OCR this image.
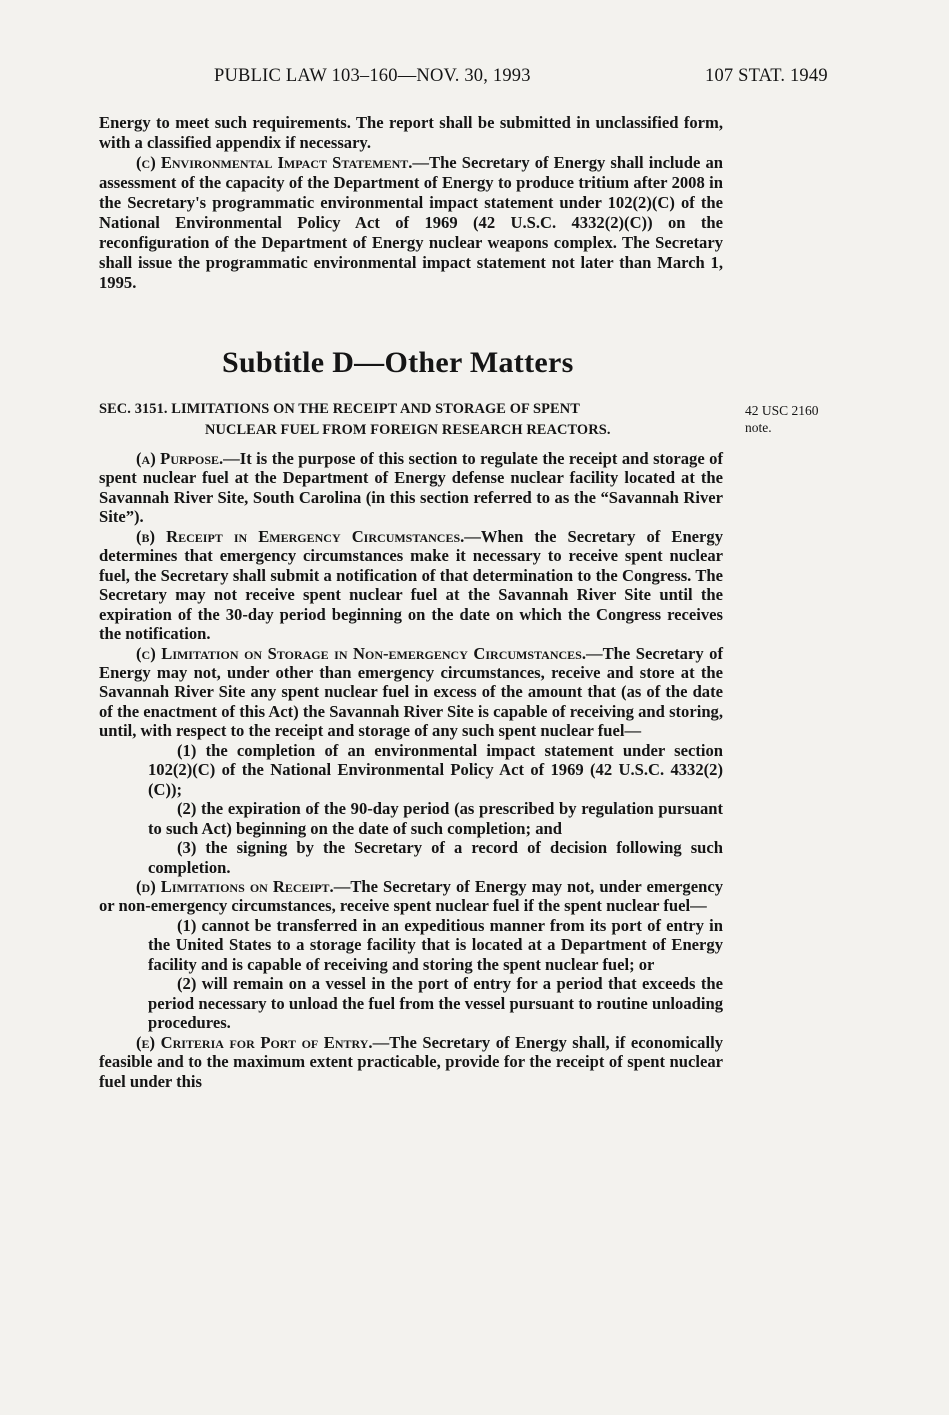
PUBLIC LAW 103–160—NOV. 30, 1993	107 STAT. 1949

Energy to meet such requirements. The report shall be submitted in unclassified form, with a classified appendix if necessary.

(c) Environmental Impact Statement.—The Secretary of Energy shall include an assessment of the capacity of the Department of Energy to produce tritium after 2008 in the Secretary's programmatic environmental impact statement under 102(2)(C) of the National Environmental Policy Act of 1969 (42 U.S.C. 4332(2)(C)) on the reconfiguration of the Department of Energy nuclear weapons complex. The Secretary shall issue the programmatic environmental impact statement not later than March 1, 1995.

Subtitle D—Other Matters
SEC. 3151. LIMITATIONS ON THE RECEIPT AND STORAGE OF SPENT
NUCLEAR FUEL FROM FOREIGN RESEARCH REACTORS.
42 USC 2160
note.

(a) Purpose.—It is the purpose of this section to regulate the receipt and storage of spent nuclear fuel at the Department of Energy defense nuclear facility located at the Savannah River Site, South Carolina (in this section referred to as the “Savannah River Site”).

(b) Receipt in Emergency Circumstances.—When the Secretary of Energy determines that emergency circumstances make it necessary to receive spent nuclear fuel, the Secretary shall submit a notification of that determination to the Congress. The Secretary may not receive spent nuclear fuel at the Savannah River Site until the expiration of the 30-day period beginning on the date on which the Congress receives the notification.

(c) Limitation on Storage in Non-emergency Circumstances.—The Secretary of Energy may not, under other than emergency circumstances, receive and store at the Savannah River Site any spent nuclear fuel in excess of the amount that (as of the date of the enactment of this Act) the Savannah River Site is capable of receiving and storing, until, with respect to the receipt and storage of any such spent nuclear fuel—

(1) the completion of an environmental impact statement under section 102(2)(C) of the National Environmental Policy Act of 1969 (42 U.S.C. 4332(2)(C));

(2) the expiration of the 90-day period (as prescribed by regulation pursuant to such Act) beginning on the date of such completion; and

(3) the signing by the Secretary of a record of decision following such completion.

(d) Limitations on Receipt.—The Secretary of Energy may not, under emergency or non-emergency circumstances, receive spent nuclear fuel if the spent nuclear fuel—

(1) cannot be transferred in an expeditious manner from its port of entry in the United States to a storage facility that is located at a Department of Energy facility and is capable of receiving and storing the spent nuclear fuel; or

(2) will remain on a vessel in the port of entry for a period that exceeds the period necessary to unload the fuel from the vessel pursuant to routine unloading procedures.

(e) Criteria for Port of Entry.—The Secretary of Energy shall, if economically feasible and to the maximum extent practicable, provide for the receipt of spent nuclear fuel under this
